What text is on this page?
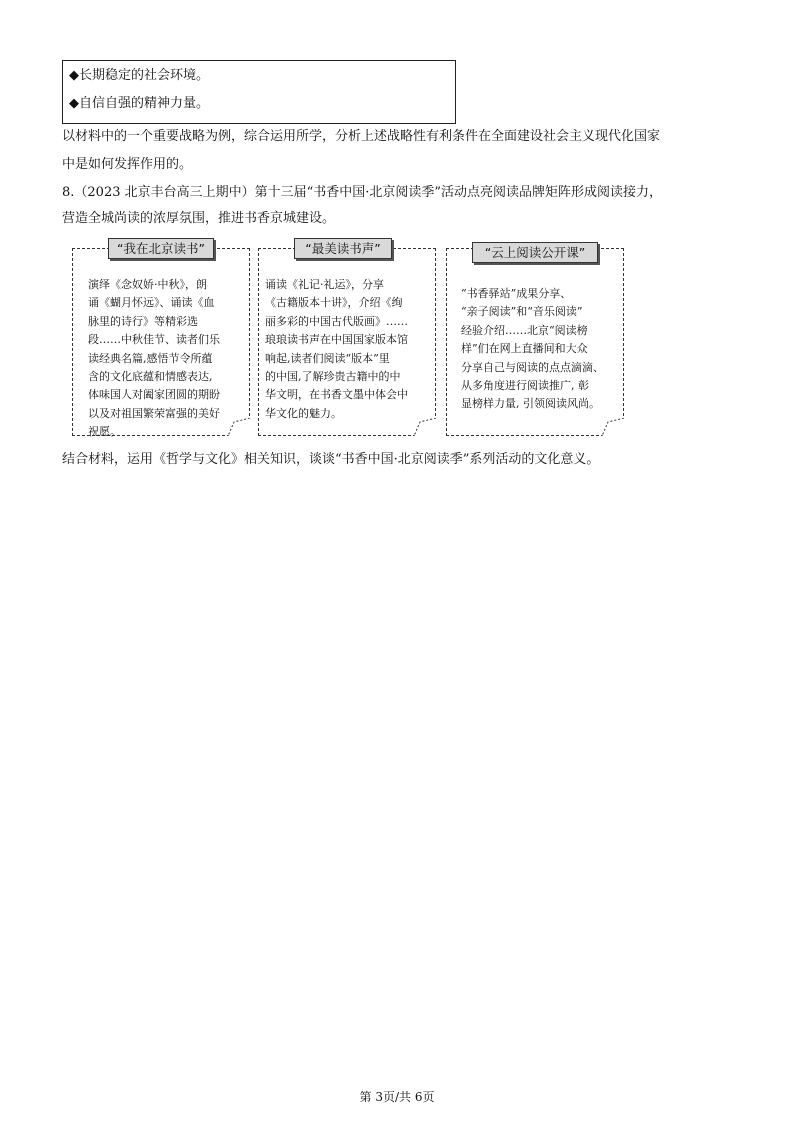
◆长期稳定的社会环境。
◆自信自强的精神力量。
以材料中的一个重要战略为例，综合运用所学，分析上述战略性有利条件在全面建设社会主义现代化国家
中是如何发挥作用的。
8.（2023 北京丰台高三上期中）第十三届“书香中国·北京阅读季”活动点亮阅读品牌矩阵形成阅读接力，
营造全城尚读的浓厚氛围，推进书香京城建设。
“我在北京读书”
演绎《念奴娇·中秋》，朗
诵《蝴月怀远》、诵读《血
脉里的诗行》等精彩选
段……中秋佳节、读者们乐
读经典名篇,感悟节令所蕴
含的文化底蕴和情感表达,
体味国人对阖家团圆的期盼
以及对祖国繁荣富强的美好
祝愿。
“最美读书声”
诵读《礼记·礼运》，分享
《古籍版本十讲》，介绍《绚
丽多彩的中国古代版画》……
琅琅读书声在中国国家版本馆
响起,读者们阅读“版本”里
的中国,了解珍贵古籍中的中
华文明，在书香文墨中体会中
华文化的魅力。
“云上阅读公开课”
“书香驿站”成果分享、
“亲子阅读”和“音乐阅读”
经验介绍……北京“阅读榜
样”们在网上直播间和大众
分享自己与阅读的点点滴滴、
从多角度进行阅读推广, 彰
显榜样力量, 引领阅读风尚。
结合材料，运用《哲学与文化》相关知识，谈谈“书香中国·北京阅读季”系列活动的文化意义。
第 3页/共 6页
